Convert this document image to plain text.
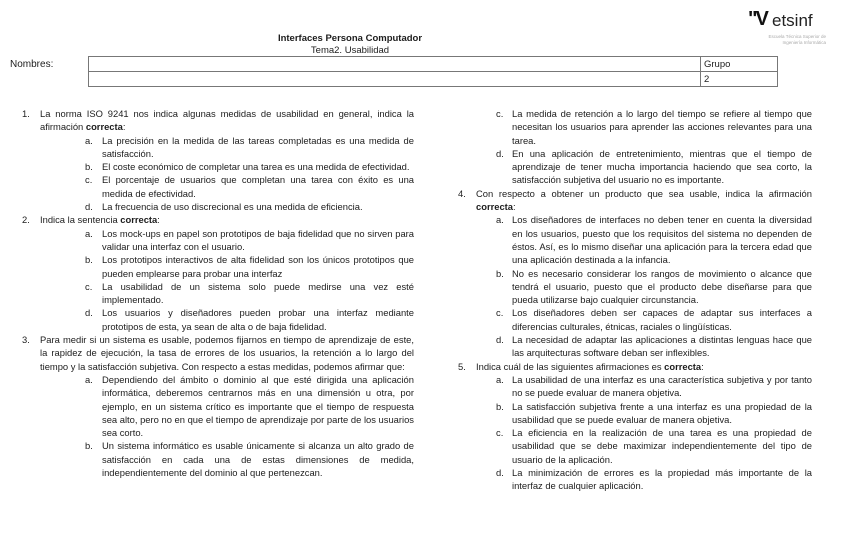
"V etsinf
Escuela Técnica Superior de Ingeniería Informática
Interfaces Persona Computador
Tema2. Usabilidad
Nombres:
		Grupo
	2
1. La norma ISO 9241 nos indica algunas medidas de usabilidad en general, indica la afirmación correcta:
a. La precisión en la medida de las tareas completadas es una medida de satisfacción.
b. El coste económico de completar una tarea es una medida de efectividad.
c. El porcentaje de usuarios que completan una tarea con éxito es una medida de efectividad.
d. La frecuencia de uso discrecional es una medida de eficiencia.
2. Indica la sentencia correcta:
a. Los mock-ups en papel son prototipos de baja fidelidad que no sirven para validar una interfaz con el usuario.
b. Los prototipos interactivos de alta fidelidad son los únicos prototipos que pueden emplearse para probar una interfaz
c. La usabilidad de un sistema solo puede medirse una vez esté implementado.
d. Los usuarios y diseñadores pueden probar una interfaz mediante prototipos de esta, ya sean de alta o de baja fidelidad.
3. Para medir si un sistema es usable, podemos fijarnos en tiempo de aprendizaje de este, la rapidez de ejecución, la tasa de errores de los usuarios, la retención a lo largo del tiempo y la satisfacción subjetiva. Con respecto a estas medidas, podemos afirmar que:
a. Dependiendo del ámbito o dominio al que esté dirigida una aplicación informática, deberemos centrarnos más en una dimensión u otra, por ejemplo, en un sistema crítico es importante que el tiempo de respuesta sea alto, pero no en que el tiempo de aprendizaje por parte de los usuarios sea corto.
b. Un sistema informático es usable únicamente si alcanza un alto grado de satisfacción en cada una de estas dimensiones de medida, independientemente del dominio al que pertenezcan.
c. La medida de retención a lo largo del tiempo se refiere al tiempo que necesitan los usuarios para aprender las acciones relevantes para una tarea.
d. En una aplicación de entretenimiento, mientras que el tiempo de aprendizaje de tener mucha importancia haciendo que sea corto, la satisfacción subjetiva del usuario no es importante.
4. Con respecto a obtener un producto que sea usable, indica la afirmación correcta:
a. Los diseñadores de interfaces no deben tener en cuenta la diversidad en los usuarios, puesto que los requisitos del sistema no dependen de éstos. Así, es lo mismo diseñar una aplicación para la tercera edad que una aplicación destinada a la infancia.
b. No es necesario considerar los rangos de movimiento o alcance que tendrá el usuario, puesto que el producto debe diseñarse para que pueda utilizarse bajo cualquier circunstancia.
c. Los diseñadores deben ser capaces de adaptar sus interfaces a diferencias culturales, étnicas, raciales o lingüísticas.
d. La necesidad de adaptar las aplicaciones a distintas lenguas hace que las arquitecturas software deban ser inflexibles.
5. Indica cuál de las siguientes afirmaciones es correcta:
a. La usabilidad de una interfaz es una característica subjetiva y por tanto no se puede evaluar de manera objetiva.
b. La satisfacción subjetiva frente a una interfaz es una propiedad de la usabilidad que se puede evaluar de manera objetiva.
c. La eficiencia en la realización de una tarea es una propiedad de usabilidad que se debe maximizar independientemente del tipo de usuario de la aplicación.
d. La minimización de errores es la propiedad más importante de la interfaz de cualquier aplicación.
